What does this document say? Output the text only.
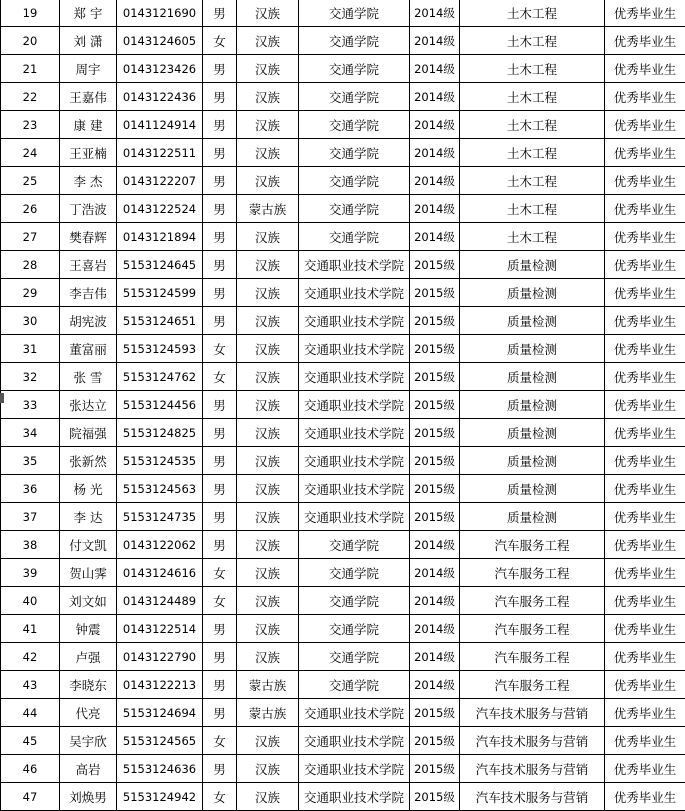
19	郑 宇	0143121690	男	汉族	交通学院	2014级	土木工程	优秀毕业生
20	刘 潇	0143124605	女	汉族	交通学院	2014级	土木工程	优秀毕业生
21	周宇	0143123426	男	汉族	交通学院	2014级	土木工程	优秀毕业生
22	王嘉伟	0143122436	男	汉族	交通学院	2014级	土木工程	优秀毕业生
23	康 建	0141124914	男	汉族	交通学院	2014级	土木工程	优秀毕业生
24	王亚楠	0143122511	男	汉族	交通学院	2014级	土木工程	优秀毕业生
25	李 杰	0143122207	男	汉族	交通学院	2014级	土木工程	优秀毕业生
26	丁浩波	0143122524	男	蒙古族	交通学院	2014级	土木工程	优秀毕业生
27	樊春辉	0143121894	男	汉族	交通学院	2014级	土木工程	优秀毕业生
28	王喜岩	5153124645	男	汉族	交通职业技术学院	2015级	质量检测	优秀毕业生
29	李吉伟	5153124599	男	汉族	交通职业技术学院	2015级	质量检测	优秀毕业生
30	胡宪波	5153124651	男	汉族	交通职业技术学院	2015级	质量检测	优秀毕业生
31	董富丽	5153124593	女	汉族	交通职业技术学院	2015级	质量检测	优秀毕业生
32	张 雪	5153124762	女	汉族	交通职业技术学院	2015级	质量检测	优秀毕业生
33	张达立	5153124456	男	汉族	交通职业技术学院	2015级	质量检测	优秀毕业生
34	院福强	5153124825	男	汉族	交通职业技术学院	2015级	质量检测	优秀毕业生
35	张新然	5153124535	男	汉族	交通职业技术学院	2015级	质量检测	优秀毕业生
36	杨 光	5153124563	男	汉族	交通职业技术学院	2015级	质量检测	优秀毕业生
37	李 达	5153124735	男	汉族	交通职业技术学院	2015级	质量检测	优秀毕业生
38	付文凯	0143122062	男	汉族	交通学院	2014级	汽车服务工程	优秀毕业生
39	贺山霁	0143124616	女	汉族	交通学院	2014级	汽车服务工程	优秀毕业生
40	刘文如	0143124489	女	汉族	交通学院	2014级	汽车服务工程	优秀毕业生
41	钟震	0143122514	男	汉族	交通学院	2014级	汽车服务工程	优秀毕业生
42	卢强	0143122790	男	汉族	交通学院	2014级	汽车服务工程	优秀毕业生
43	李晓东	0143122213	男	蒙古族	交通学院	2014级	汽车服务工程	优秀毕业生
44	代亮	5153124694	男	蒙古族	交通职业技术学院	2015级	汽车技术服务与营销	优秀毕业生
45	吴宇欣	5153124565	女	汉族	交通职业技术学院	2015级	汽车技术服务与营销	优秀毕业生
46	高岩	5153124636	男	汉族	交通职业技术学院	2015级	汽车技术服务与营销	优秀毕业生
47	刘焕男	5153124942	女	汉族	交通职业技术学院	2015级	汽车技术服务与营销	优秀毕业生
